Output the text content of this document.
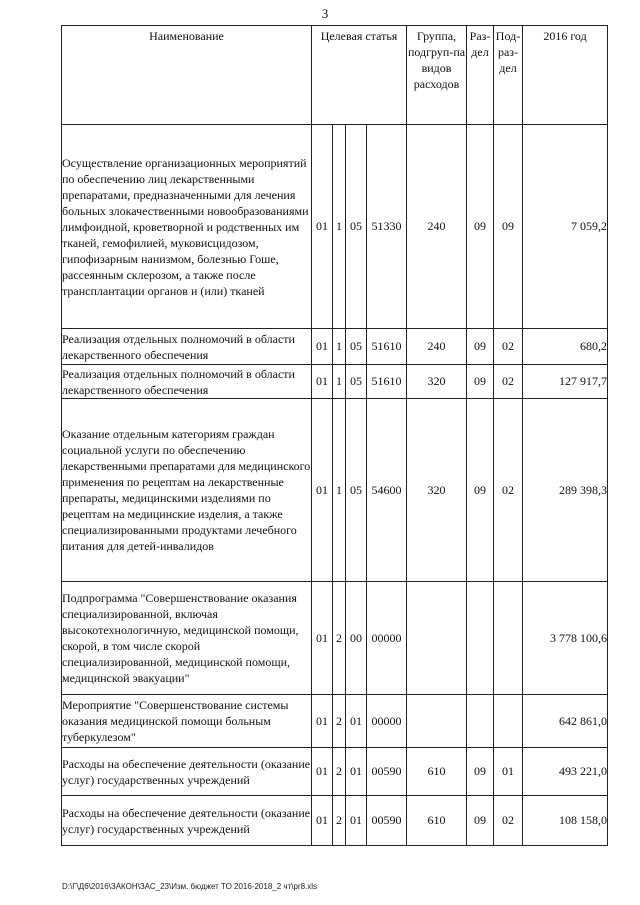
3
Наименование	Целевая статья				Группа, подгруп-па видов расходов	Раз-дел	Под-раз-дел	2016 год
Осуществление организационных мероприятий по обеспечению лиц лекарственными препаратами, предназначенными для лечения больных злокачественными новообразованиями лимфоидной, кроветворной и родственных им тканей, гемофилией, муковисцидозом, гипофизарным нанизмом, болезнью Гоше, рассеянным склерозом, а также после трансплантации органов и (или) тканей	01	1	05	51330	240	09	09	7 059,2
Реализация отдельных полномочий в области лекарственного обеспечения	01	1	05	51610	240	09	02	680,2
Реализация отдельных полномочий в области лекарственного обеспечения	01	1	05	51610	320	09	02	127 917,7
Оказание отдельным категориям граждан социальной услуги по обеспечению лекарственными препаратами для медицинского применения по рецептам на лекарственные препараты, медицинскими изделиями по рецептам на медицинские изделия, а также специализированными продуктами лечебного питания для детей-инвалидов	01	1	05	54600	320	09	02	289 398,3
Подпрограмма "Совершенствование оказания специализированной, включая высокотехнологичную, медицинской помощи, скорой, в том числе скорой специализированной, медицинской помощи, медицинской эвакуации"	01	2	00	00000				3 778 100,6
Мероприятие "Совершенствование системы оказания медицинской помощи больным туберкулезом"	01	2	01	00000				642 861,0
Расходы на обеспечение деятельности (оказание услуг) государственных учреждений	01	2	01	00590	610	09	01	493 221,0
Расходы на обеспечение деятельности (оказание услуг) государственных учреждений	01	2	01	00590	610	09	02	108 158,0
D:\Г\Д6\2016\ЗАКОН\ЗАС_23\Изм. бюджет ТО 2016-2018_2 чт\pr8.xls
